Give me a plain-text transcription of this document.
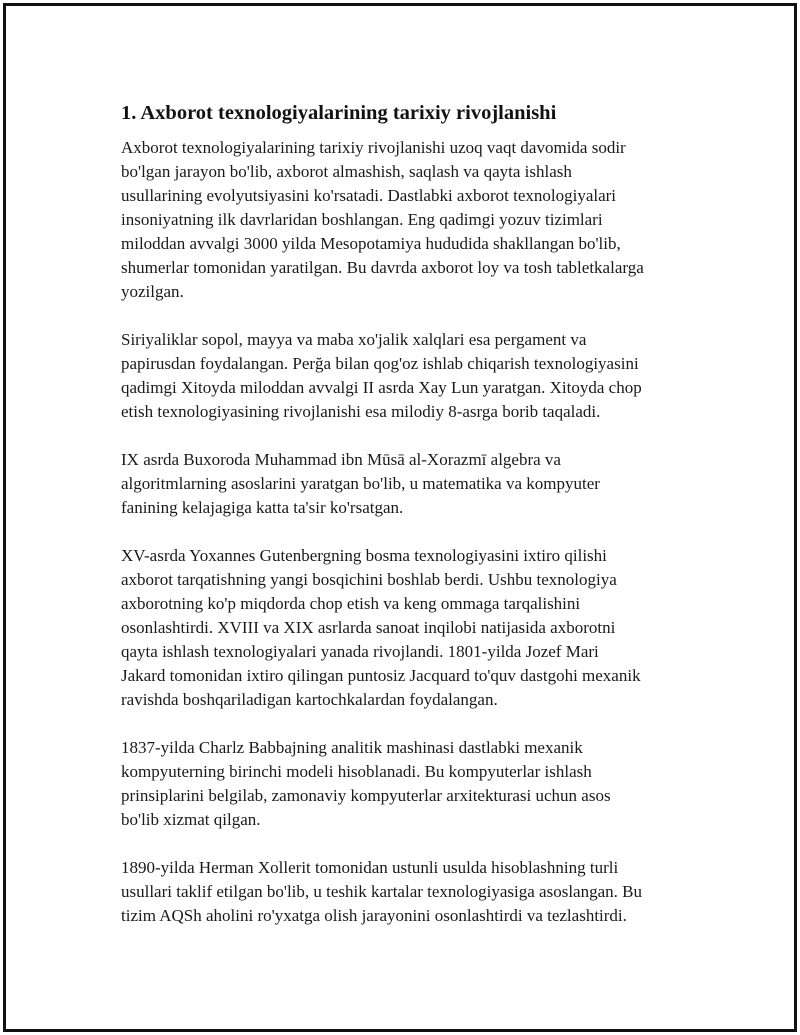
1. Axborot texnologiyalarining tarixiy rivojlanishi

Axborot texnologiyalarining tarixiy rivojlanishi uzoq vaqt davomida sodir
bo'lgan jarayon bo'lib, axborot almashish, saqlash va qayta ishlash
usullarining evolyutsiyasini ko'rsatadi. Dastlabki axborot texnologiyalari
insoniyatning ilk davrlaridan boshlangan. Eng qadimgi yozuv tizimlari
miloddan avvalgi 3000 yilda Mesopotamiya hududida shakllangan bo'lib,
shumerlar tomonidan yaratilgan. Bu davrda axborot loy va tosh tabletkalarga
yozilgan.

Siriyaliklar sopol, mayya va maba xo'jalik xalqlari esa pergament va
papirusdan foydalangan. Perğa bilan qog'oz ishlab chiqarish texnologiyasini
qadimgi Xitoyda miloddan avvalgi II asrda Xay Lun yaratgan. Xitoyda chop
etish texnologiyasining rivojlanishi esa milodiy 8-asrga borib taqaladi.

IX asrda Buxoroda Muhammad ibn Mūsā al-Xorazmī algebra va
algoritmlarning asoslarini yaratgan bo'lib, u matematika va kompyuter
fanining kelajagiga katta ta'sir ko'rsatgan.

XV-asrda Yoxannes Gutenbergning bosma texnologiyasini ixtiro qilishi
axborot tarqatishning yangi bosqichini boshlab berdi. Ushbu texnologiya
axborotning ko'p miqdorda chop etish va keng ommaga tarqalishini
osonlashtirdi. XVIII va XIX asrlarda sanoat inqilobi natijasida axborotni
qayta ishlash texnologiyalari yanada rivojlandi. 1801-yilda Jozef Mari
Jakard tomonidan ixtiro qilingan puntosiz Jacquard to'quv dastgohi mexanik
ravishda boshqariladigan kartochkalardan foydalangan.

1837-yilda Charlz Babbajning analitik mashinasi dastlabki mexanik
kompyuterning birinchi modeli hisoblanadi. Bu kompyuterlar ishlash
prinsiplarini belgilab, zamonaviy kompyuterlar arxitekturasi uchun asos
bo'lib xizmat qilgan.

1890-yilda Herman Xollerit tomonidan ustunli usulda hisoblashning turli
usullari taklif etilgan bo'lib, u teshik kartalar texnologiyasiga asoslangan. Bu
tizim AQSh aholini ro'yxatga olish jarayonini osonlashtirdi va tezlashtirdi.
